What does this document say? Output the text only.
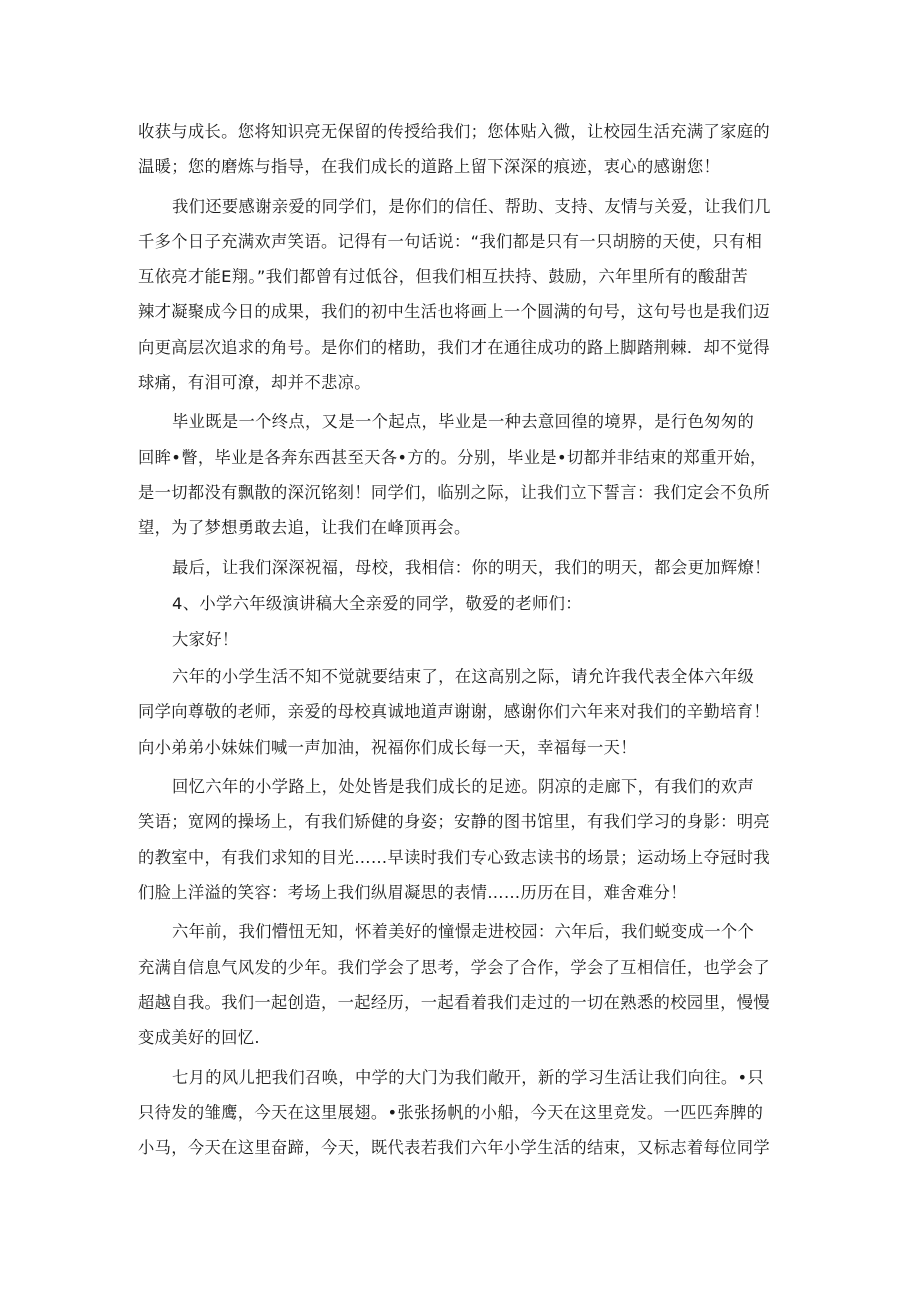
收获与成长。您将知识亮无保留的传授给我们；您体贴入微，让校园生活充满了家庭的
温暖；您的磨炼与指导，在我们成长的道路上留下深深的痕迹，衷心的感谢您！
我们还要感谢亲爱的同学们，是你们的信任、帮助、支持、友情与关爱，让我们几
千多个日子充满欢声笑语。记得有一句话说：“我们都是只有一只胡膀的天使，只有相
互依亮才能E翔。”我们都曾有过低谷，但我们相互扶持、鼓励，六年里所有的酸甜苦
辣才凝聚成今日的成果，我们的初中生活也将画上一个圆满的句号，这句号也是我们迈
向更高层次追求的角号。是你们的楮助，我们才在通往成功的路上脚踏荆棘．却不觉得
球痛，有泪可潦，却并不悲凉。
毕业既是一个终点，又是一个起点，毕业是一种去意回徨的境界，是行色匆匆的
回眸•瞥，毕业是各奔东西甚至天各•方的。分别，毕业是•切都并非结束的郑重开始，
是一切都没有飘散的深沉铭刻！同学们，临别之际，让我们立下誓言：我们定会不负所
望，为了梦想勇敢去追，让我们在峰顶再会。
最后，让我们深深祝福，母校，我相信：你的明天，我们的明天，都会更加辉燎！
4、小学六年级演讲稿大全亲爱的同学，敬爱的老师们：
大家好！
六年的小学生活不知不觉就要结束了，在这高别之际，请允许我代表全体六年级
同学向尊敬的老师，亲爱的母校真诚地道声谢谢，感谢你们六年来对我们的辛勤培育！
向小弟弟小妹妹们喊一声加油，祝福你们成长每一天，幸福每一天！
回忆六年的小学路上，处处皆是我们成长的足迹。阴凉的走廊下，有我们的欢声
笑语；宽网的操场上，有我们矫健的身姿；安静的图书馆里，有我们学习的身影：明亮
的教室中，有我们求知的目光……早读时我们专心致志读书的场景；运动场上夺冠时我
们脸上洋溢的笑容：考场上我们纵眉凝思的表情……历历在目，难舍难分！
六年前，我们懵忸无知，怀着美好的憧憬走进校园：六年后，我们蜕变成一个个
充满自信息气风发的少年。我们学会了思考，学会了合作，学会了互相信任，也学会了
超越自我。我们一起创造，一起经历，一起看着我们走过的一切在熟悉的校园里，慢慢
变成美好的回忆.
七月的风儿把我们召唤，中学的大门为我们敞开，新的学习生活让我们向往。•只
只待发的雏鹰，今天在这里展翅。•张张扬帆的小船，今天在这里竞发。一匹匹奔脾的
小马，今天在这里奋蹄，今天，既代表若我们六年小学生活的结束，又标志着每位同学
